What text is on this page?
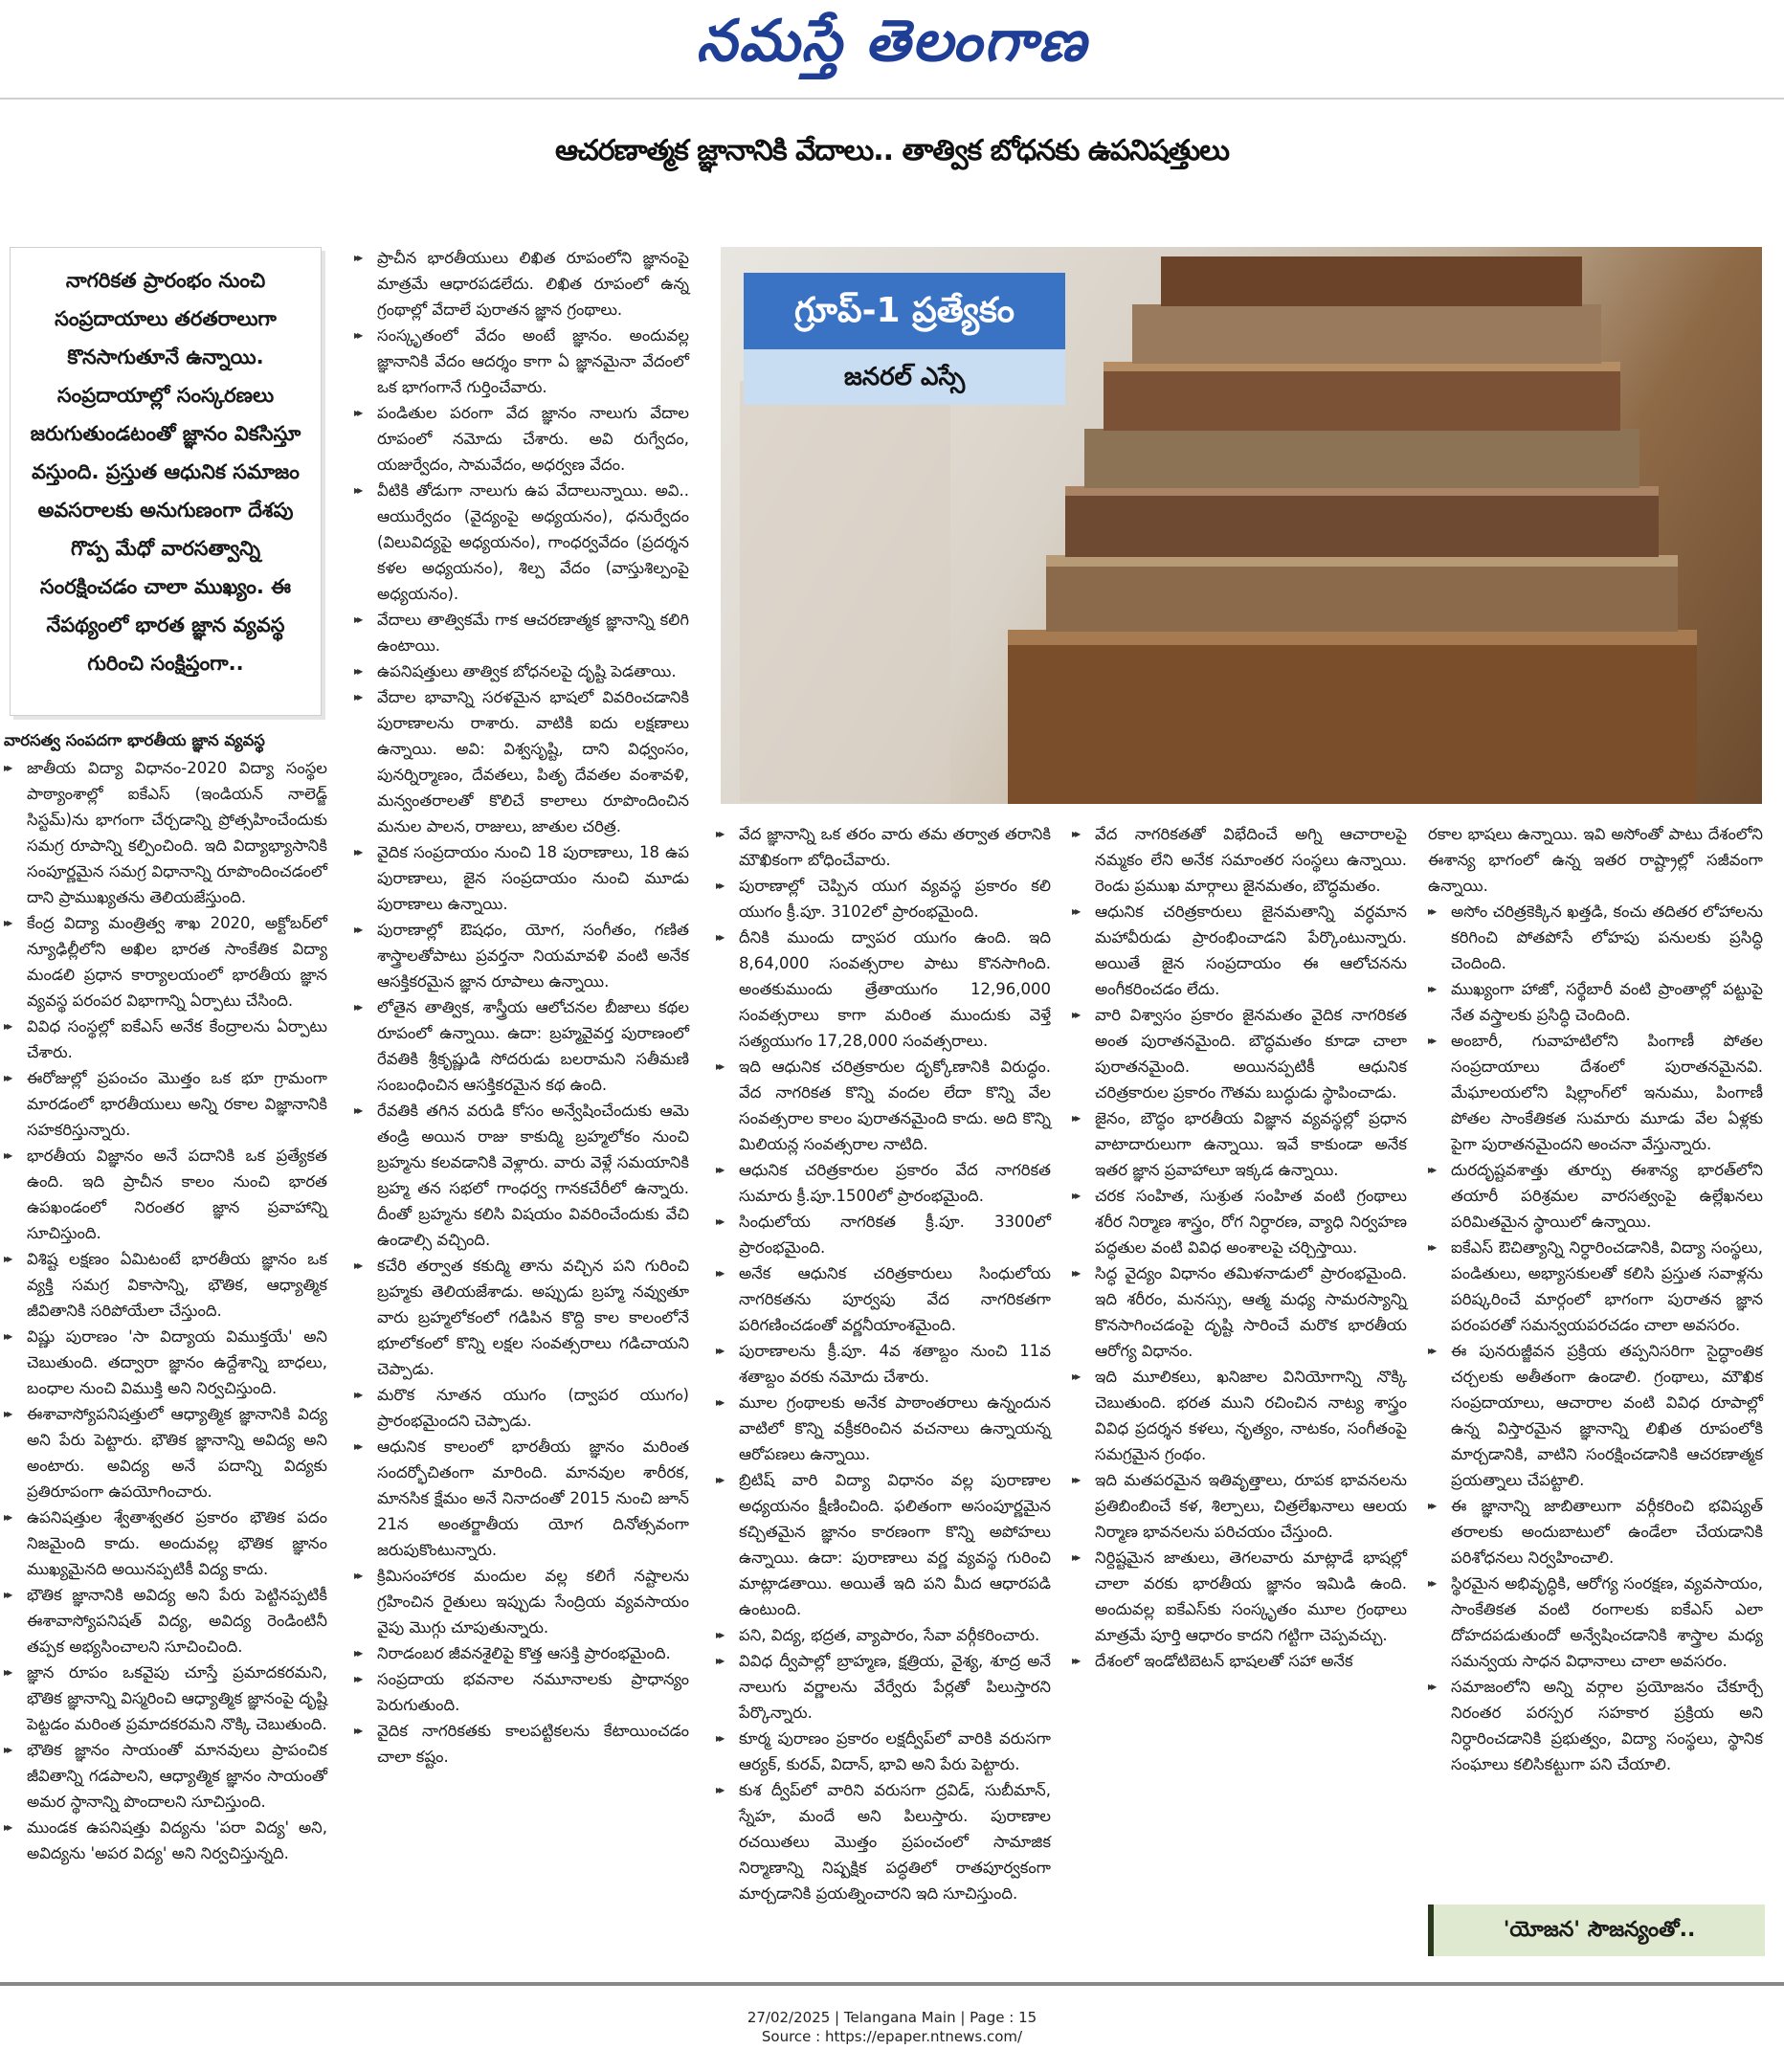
నమస్తే తెలంగాణ
ఆచరణాత్మక జ్ఞానానికి వేదాలు.. తాత్విక బోధనకు ఉపనిషత్తులు

నాగరికత ప్రారంభం నుంచి సంప్రదాయాలు తరతరాలుగా కొనసాగుతూనే ఉన్నాయి. సంప్రదాయాల్లో సంస్కరణలు జరుగుతుండటంతో జ్ఞానం వికసిస్తూ వస్తుంది. ప్రస్తుత ఆధునిక సమాజం అవసరాలకు అనుగుణంగా దేశపు గొప్ప మేధో వారసత్వాన్ని సంరక్షించడం చాలా ముఖ్యం. ఈ నేపథ్యంలో భారత జ్ఞాన వ్యవస్థ గురించి సంక్షిప్తంగా..

గ్రూప్-1 ప్రత్యేకం
జనరల్ ఎస్సే
వారసత్వ సంపదగా భారతీయ జ్ఞాన వ్యవస్థ
▶▶ జాతీయ విద్యా విధానం-2020 విద్యా సంస్థల పాఠ్యాంశాల్లో ఐకేఎస్ (ఇండియన్ నాలెడ్జ్ సిస్టమ్)ను భాగంగా చేర్చడాన్ని ప్రోత్సహించేందుకు సమగ్ర రూపాన్ని కల్పించింది. ఇది విద్యాభ్యాసానికి సంపూర్ణమైన సమగ్ర విధానాన్ని రూపొందించడంలో దాని ప్రాముఖ్యతను తెలియజేస్తుంది.
▶▶ కేంద్ర విద్యా మంత్రిత్వ శాఖ 2020, అక్టోబర్‌లో న్యూఢిల్లీలోని అఖిల భారత సాంకేతిక విద్యా మండలి ప్రధాన కార్యాలయంలో భారతీయ జ్ఞాన వ్యవస్థ పరంపర విభాగాన్ని ఏర్పాటు చేసింది.
▶▶ వివిధ సంస్థల్లో ఐకేఎస్ అనేక కేంద్రాలను ఏర్పాటు చేశారు.
▶▶ ఈరోజుల్లో ప్రపంచం మొత్తం ఒక భూ గ్రామంగా మారడంలో భారతీయులు అన్ని రకాల విజ్ఞానానికి సహకరిస్తున్నారు.
▶▶ భారతీయ విజ్ఞానం అనే పదానికి ఒక ప్రత్యేకత ఉంది. ఇది ప్రాచీన కాలం నుంచి భారత ఉపఖండంలో నిరంతర జ్ఞాన ప్రవాహాన్ని సూచిస్తుంది.
▶▶ విశిష్ట లక్షణం ఏమిటంటే భారతీయ జ్ఞానం ఒక వ్యక్తి సమగ్ర వికాసాన్ని, భౌతిక, ఆధ్యాత్మిక జీవితానికి సరిపోయేలా చేస్తుంది.
▶▶ విష్ణు పురాణం 'సా విద్యాయ విముక్తయే' అని చెబుతుంది. తద్వారా జ్ఞానం ఉద్దేశాన్ని బాధలు, బంధాల నుంచి విముక్తి అని నిర్వచిస్తుంది.
▶▶ ఈశావాస్యోపనిషత్తులో ఆధ్యాత్మిక జ్ఞానానికి విద్య అని పేరు పెట్టారు. భౌతిక జ్ఞానాన్ని అవిద్య అని అంటారు. అవిద్య అనే పదాన్ని విద్యకు ప్రతిరూపంగా ఉపయోగించారు.
▶▶ ఉపనిషత్తుల శ్వేతాశ్వతర ప్రకారం భౌతిక పదం నిజమైంది కాదు. అందువల్ల భౌతిక జ్ఞానం ముఖ్యమైనది అయినప్పటికీ విద్య కాదు.
▶▶ భౌతిక జ్ఞానానికి అవిద్య అని పేరు పెట్టినప్పటికీ ఈశావాస్యోపనిషత్ విద్య, అవిద్య రెండింటినీ తప్పక అభ్యసించాలని సూచించింది.
▶▶ జ్ఞాన రూపం ఒకవైపు చూస్తే ప్రమాదకరమని, భౌతిక జ్ఞానాన్ని విస్మరించి ఆధ్యాత్మిక జ్ఞానంపై దృష్టి పెట్టడం మరింత ప్రమాదకరమని నొక్కి చెబుతుంది.
▶▶ భౌతిక జ్ఞానం సాయంతో మానవులు ప్రాపంచిక జీవితాన్ని గడపాలని, ఆధ్యాత్మిక జ్ఞానం సాయంతో అమర స్థానాన్ని పొందాలని సూచిస్తుంది.
▶▶ ముండక ఉపనిషత్తు విద్యను 'పరా విద్య' అని, అవిద్యను 'అపర విద్య' అని నిర్వచిస్తున్నది.
▶▶ ప్రాచీన భారతీయులు లిఖిత రూపంలోని జ్ఞానంపై మాత్రమే ఆధారపడలేదు. లిఖిత రూపంలో ఉన్న గ్రంథాల్లో వేదాలే పురాతన జ్ఞాన గ్రంథాలు.
▶▶ సంస్కృతంలో వేదం అంటే జ్ఞానం. అందువల్ల జ్ఞానానికి వేదం ఆదర్శం కాగా ఏ జ్ఞానమైనా వేదంలో ఒక భాగంగానే గుర్తించేవారు.
▶▶ పండితుల పరంగా వేద జ్ఞానం నాలుగు వేదాల రూపంలో నమోదు చేశారు. అవి రుగ్వేదం, యజుర్వేదం, సామవేదం, అధర్వణ వేదం.
▶▶ వీటికి తోడుగా నాలుగు ఉప వేదాలున్నాయి. అవి.. ఆయుర్వేదం (వైద్యంపై అధ్యయనం), ధనుర్వేదం (విలువిద్యపై అధ్యయనం), గాంధర్వవేదం (ప్రదర్శన కళల అధ్యయనం), శిల్ప వేదం (వాస్తుశిల్పంపై అధ్యయనం).
▶▶ వేదాలు తాత్వికమే గాక ఆచరణాత్మక జ్ఞానాన్ని కలిగి ఉంటాయి.
▶▶ ఉపనిషత్తులు తాత్విక బోధనలపై దృష్టి పెడతాయి.
▶▶ వేదాల భావాన్ని సరళమైన భాషలో వివరించడానికి పురాణాలను రాశారు. వాటికి ఐదు లక్షణాలు ఉన్నాయి. అవి: విశ్వసృష్టి, దాని విధ్వంసం, పునర్నిర్మాణం, దేవతలు, పితృ దేవతల వంశావళి, మన్వంతరాలతో కొలిచే కాలాలు రూపొందించిన మనుల పాలన, రాజులు, జాతుల చరిత్ర.
▶▶ వైదిక సంప్రదాయం నుంచి 18 పురాణాలు, 18 ఉప పురాణాలు, జైన సంప్రదాయం నుంచి మూడు పురాణాలు ఉన్నాయి.
▶▶ పురాణాల్లో ఔషధం, యోగ, సంగీతం, గణిత శాస్త్రాలతోపాటు ప్రవర్తనా నియమావళి వంటి అనేక ఆసక్తికరమైన జ్ఞాన రూపాలు ఉన్నాయి.
▶▶ లోతైన తాత్విక, శాస్త్రీయ ఆలోచనల బీజాలు కథల రూపంలో ఉన్నాయి. ఉదా: బ్రహ్మవైవర్త పురాణంలో రేవతికి శ్రీకృష్ణుడి సోదరుడు బలరామని సతీమణి సంబంధించిన ఆసక్తికరమైన కథ ఉంది.
▶▶ రేవతికి తగిన వరుడి కోసం అన్వేషించేందుకు ఆమె తండ్రి అయిన రాజు కాకుద్మి బ్రహ్మలోకం నుంచి బ్రహ్మను కలవడానికి వెళ్లారు. వారు వెళ్లే సమయానికి బ్రహ్మ తన సభలో గాంధర్వ గానకచేరీలో ఉన్నారు. దీంతో బ్రహ్మను కలిసి విషయం వివరించేందుకు వేచి ఉండాల్సి వచ్చింది.
▶▶ కచేరి తర్వాత కకుద్మి తాను వచ్చిన పని గురించి బ్రహ్మకు తెలియజేశాడు. అప్పుడు బ్రహ్మ నవ్వుతూ వారు బ్రహ్మలోకంలో గడిపిన కొద్ది కాల కాలంలోనే భూలోకంలో కొన్ని లక్షల సంవత్సరాలు గడిచాయని చెప్పాడు.
▶▶ మరొక నూతన యుగం (ద్వాపర యుగం) ప్రారంభమైందని చెప్పాడు.
▶▶ ఆధునిక కాలంలో భారతీయ జ్ఞానం మరింత సందర్భోచితంగా మారింది. మానవుల శారీరక, మానసిక క్షేమం అనే నినాదంతో 2015 నుంచి జూన్ 21న అంతర్జాతీయ యోగ దినోత్సవంగా జరుపుకొంటున్నారు.
▶▶ క్రిమిసంహారక మందుల వల్ల కలిగే నష్టాలను గ్రహించిన రైతులు ఇప్పుడు సేంద్రియ వ్యవసాయం వైపు మొగ్గు చూపుతున్నారు.
▶▶ నిరాడంబర జీవనశైలిపై కొత్త ఆసక్తి ప్రారంభమైంది.
▶▶ సంప్రదాయ భవనాల నమూనాలకు ప్రాధాన్యం పెరుగుతుంది.
▶▶ వైదిక నాగరికతకు కాలపట్టికలను కేటాయించడం చాలా కష్టం.
▶▶ వేద జ్ఞానాన్ని ఒక తరం వారు తమ తర్వాత తరానికి మౌఖికంగా బోధించేవారు.
▶▶ పురాణాల్లో చెప్పిన యుగ వ్యవస్థ ప్రకారం కలి యుగం క్రీ.పూ. 3102లో ప్రారంభమైంది.
▶▶ దీనికి ముందు ద్వాపర యుగం ఉంది. ఇది 8,64,000 సంవత్సరాల పాటు కొనసాగింది. అంతకుముందు త్రేతాయుగం 12,96,000 సంవత్సరాలు కాగా మరింత ముందుకు వెళ్తే సత్యయుగం 17,28,000 సంవత్సరాలు.
▶▶ ఇది ఆధునిక చరిత్రకారుల దృక్కోణానికి విరుద్ధం. వేద నాగరికత కొన్ని వందల లేదా కొన్ని వేల సంవత్సరాల కాలం పురాతనమైంది కాదు. అది కొన్ని మిలియన్ల సంవత్సరాల నాటిది.
▶▶ ఆధునిక చరిత్రకారుల ప్రకారం వేద నాగరికత సుమారు క్రీ.పూ.1500లో ప్రారంభమైంది.
▶▶ సింధులోయ నాగరికత క్రీ.పూ. 3300లో ప్రారంభమైంది.
▶▶ అనేక ఆధునిక చరిత్రకారులు సింధులోయ నాగరికతను పూర్వపు వేద నాగరికతగా పరిగణించడంతో వర్ణనీయాంశమైంది.
▶▶ పురాణాలను క్రీ.పూ. 4వ శతాబ్దం నుంచి 11వ శతాబ్దం వరకు నమోదు చేశారు.
▶▶ మూల గ్రంథాలకు అనేక పాఠాంతరాలు ఉన్నందున వాటిలో కొన్ని వక్రీకరించిన వచనాలు ఉన్నాయన్న ఆరోపణలు ఉన్నాయి.
▶▶ బ్రిటిష్ వారి విద్యా విధానం వల్ల పురాణాల అధ్యయనం క్షీణించింది. ఫలితంగా అసంపూర్ణమైన కచ్చితమైన జ్ఞానం కారణంగా కొన్ని అపోహలు ఉన్నాయి. ఉదా: పురాణాలు వర్ణ వ్యవస్థ గురించి మాట్లాడతాయి. అయితే ఇది పని మీద ఆధారపడి ఉంటుంది.
▶▶ పని, విద్య, భద్రత, వ్యాపారం, సేవా వర్గీకరించారు.
▶▶ వివిధ ద్వీపాల్లో బ్రాహ్మణ, క్షత్రియ, వైశ్య, శూద్ర అనే నాలుగు వర్ణాలను వేర్వేరు పేర్లతో పిలుస్తారని పేర్కొన్నారు.
▶▶ కూర్మ పురాణం ప్రకారం లక్షద్వీప్‌లో వారికి వరుసగా ఆర్యక్, కురవ్, విదాన్, భావి అని పేరు పెట్టారు.
▶▶ కుశ ద్వీప్‌లో వారిని వరుసగా ద్రవిడ్, సుబీమాన్, స్నేహ, మందే అని పిలుస్తారు. పురాణాల రచయితలు మొత్తం ప్రపంచంలో సామాజిక నిర్మాణాన్ని నిష్పక్షిక పద్ధతిలో రాతపూర్వకంగా మార్చడానికి ప్రయత్నించారని ఇది సూచిస్తుంది.
▶▶ వేద నాగరికతతో విభేదించే అగ్ని ఆచారాలపై నమ్మకం లేని అనేక సమాంతర సంస్థలు ఉన్నాయి. రెండు ప్రముఖ మార్గాలు జైనమతం, బౌద్ధమతం.
▶▶ ఆధునిక చరిత్రకారులు జైనమతాన్ని వర్ధమాన మహావీరుడు ప్రారంభించాడని పేర్కొంటున్నారు. అయితే జైన సంప్రదాయం ఈ ఆలోచనను అంగీకరించడం లేదు.
▶▶ వారి విశ్వాసం ప్రకారం జైనమతం వైదిక నాగరికత అంత పురాతనమైంది. బౌద్ధమతం కూడా చాలా పురాతనమైంది. అయినప్పటికీ ఆధునిక చరిత్రకారుల ప్రకారం గౌతమ బుద్ధుడు స్థాపించాడు.
▶▶ జైనం, బౌద్ధం భారతీయ విజ్ఞాన వ్యవస్థల్లో ప్రధాన వాటాదారులుగా ఉన్నాయి. ఇవే కాకుండా అనేక ఇతర జ్ఞాన ప్రవాహాలూ ఇక్కడ ఉన్నాయి.
▶▶ చరక సంహిత, సుశ్రుత సంహిత వంటి గ్రంథాలు శరీర నిర్మాణ శాస్త్రం, రోగ నిర్ధారణ, వ్యాధి నిర్వహణ పద్ధతుల వంటి వివిధ అంశాలపై చర్చిస్తాయి.
▶▶ సిద్ధ వైద్యం విధానం తమిళనాడులో ప్రారంభమైంది. ఇది శరీరం, మనస్సు, ఆత్మ మధ్య సామరస్యాన్ని కొనసాగించడంపై దృష్టి సారించే మరొక భారతీయ ఆరోగ్య విధానం.
▶▶ ఇది మూలికలు, ఖనిజాల వినియోగాన్ని నొక్కి చెబుతుంది. భరత ముని రచించిన నాట్య శాస్త్రం వివిధ ప్రదర్శన కళలు, నృత్యం, నాటకం, సంగీతంపై సమగ్రమైన గ్రంథం.
▶▶ ఇది మతపరమైన ఇతివృత్తాలు, రూపక భావనలను ప్రతిబింబించే కళ, శిల్పాలు, చిత్రలేఖనాలు ఆలయ నిర్మాణ భావనలను పరిచయం చేస్తుంది.
▶▶ నిర్దిష్టమైన జాతులు, తెగలవారు మాట్లాడే భాషల్లో చాలా వరకు భారతీయ జ్ఞానం ఇమిడి ఉంది. అందువల్ల ఐకేఎస్‌కు సంస్కృతం మూల గ్రంథాలు మాత్రమే పూర్తి ఆధారం కాదని గట్టిగా చెప్పవచ్చు.
▶▶ దేశంలో ఇండోటిబెటన్ భాషలతో సహా అనేక
రకాల భాషలు ఉన్నాయి. ఇవి అసోంతో పాటు దేశంలోని ఈశాన్య భాగంలో ఉన్న ఇతర రాష్ట్రాల్లో సజీవంగా ఉన్నాయి.
▶▶ అసోం చరిత్రకెక్కిన ఖత్తడి, కంచు తదితర లోహాలను కరిగించి పోతపోసే లోహపు పనులకు ప్రసిద్ధి చెందింది.
▶▶ ముఖ్యంగా హాజో, సర్థేబారీ వంటి ప్రాంతాల్లో పట్టుపై నేత వస్త్రాలకు ప్రసిద్ధి చెందింది.
▶▶ అంబారీ, గువాహటిలోని పింగాణీ పోతల సంప్రదాయాలు దేశంలో పురాతనమైనవి. మేఘాలయలోని షిల్లాంగ్‌లో ఇనుము, పింగాణీ పోతల సాంకేతికత సుమారు మూడు వేల ఏళ్లకు పైగా పురాతనమైందని అంచనా వేస్తున్నారు.
▶▶ దురదృష్టవశాత్తు తూర్పు ఈశాన్య భారత్‌లోని తయారీ పరిశ్రమల వారసత్వంపై ఉల్లేఖనలు పరిమితమైన స్థాయిలో ఉన్నాయి.
▶▶ ఐకేఎస్ ఔచిత్యాన్ని నిర్ధారించడానికి, విద్యా సంస్థలు, పండితులు, అభ్యాసకులతో కలిసి ప్రస్తుత సవాళ్లను పరిష్కరించే మార్గంలో భాగంగా పురాతన జ్ఞాన పరంపరతో సమన్వయపరచడం చాలా అవసరం.
▶▶ ఈ పునరుజ్జీవన ప్రక్రియ తప్పనిసరిగా సైద్ధాంతిక చర్చలకు అతీతంగా ఉండాలి. గ్రంథాలు, మౌఖిక సంప్రదాయాలు, ఆచారాల వంటి వివిధ రూపాల్లో ఉన్న విస్తారమైన జ్ఞానాన్ని లిఖిత రూపంలోకి మార్చడానికి, వాటిని సంరక్షించడానికి ఆచరణాత్మక ప్రయత్నాలు చేపట్టాలి.
▶▶ ఈ జ్ఞానాన్ని జాబితాలుగా వర్గీకరించి భవిష్యత్ తరాలకు అందుబాటులో ఉండేలా చేయడానికి పరిశోధనలు నిర్వహించాలి.
▶▶ స్థిరమైన అభివృద్ధికి, ఆరోగ్య సంరక్షణ, వ్యవసాయం, సాంకేతికత వంటి రంగాలకు ఐకేఎస్ ఎలా దోహదపడుతుందో అన్వేషించడానికి శాస్త్రాల మధ్య సమన్వయ సాధన విధానాలు చాలా అవసరం.
▶▶ సమాజంలోని అన్ని వర్గాల ప్రయోజనం చేకూర్చే నిరంతర పరస్పర సహకార ప్రక్రియ అని నిర్ధారించడానికి ప్రభుత్వం, విద్యా సంస్థలు, స్థానిక సంఘాలు కలిసికట్టుగా పని చేయాలి.
'యోజన' సౌజన్యంతో..
27/02/2025 | Telangana Main | Page : 15
Source : https://epaper.ntnews.com/
